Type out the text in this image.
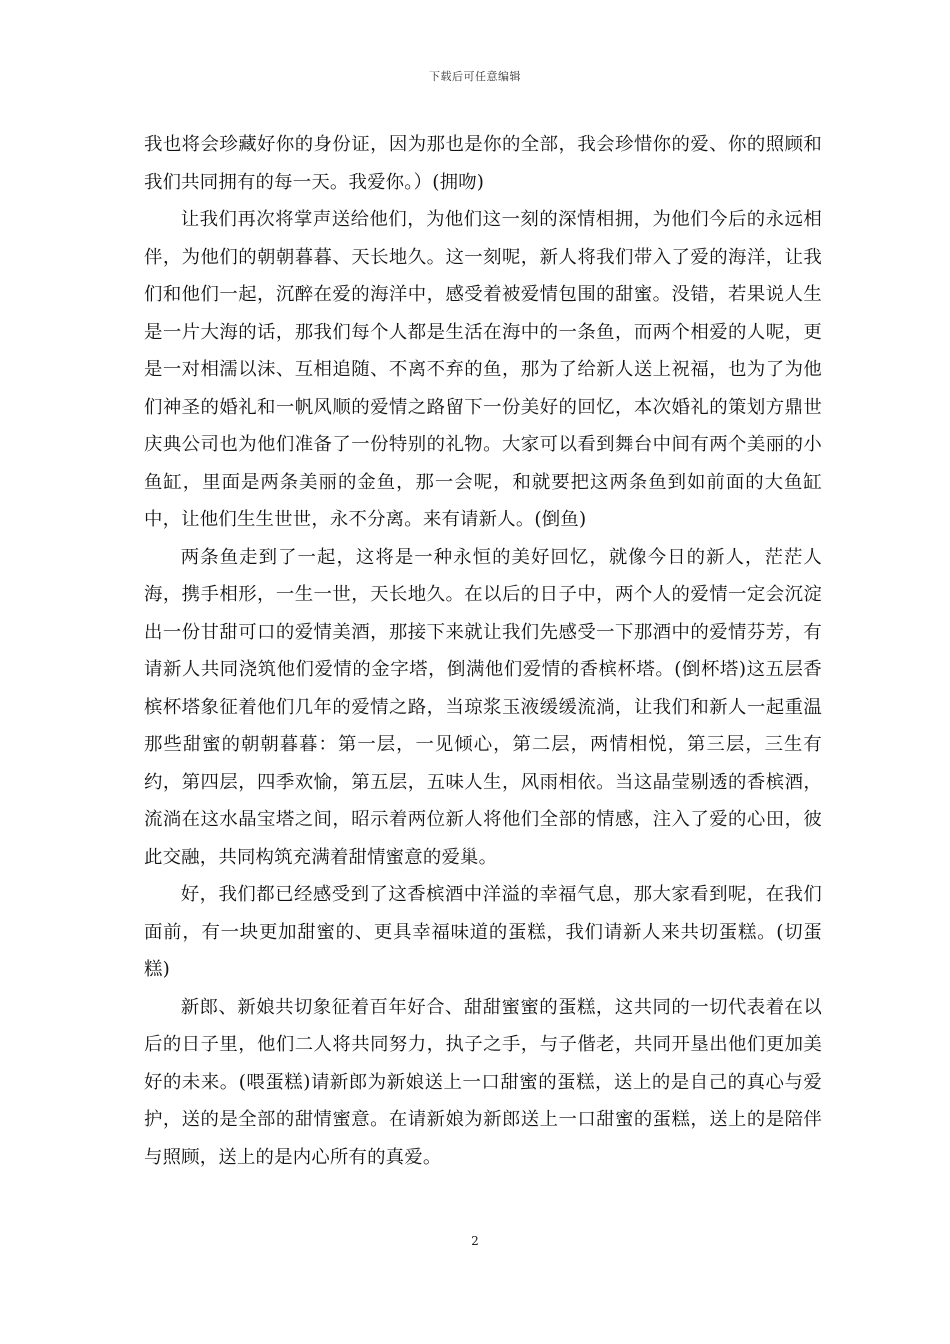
下载后可任意编辑

我也将会珍藏好你的身份证，因为那也是你的全部，我会珍惜你的爱、你的照顾和我们共同拥有的每一天。我爱你。）(拥吻)

让我们再次将掌声送给他们，为他们这一刻的深情相拥，为他们今后的永远相伴，为他们的朝朝暮暮、天长地久。这一刻呢，新人将我们带入了爱的海洋，让我们和他们一起，沉醉在爱的海洋中，感受着被爱情包围的甜蜜。没错，若果说人生是一片大海的话，那我们每个人都是生活在海中的一条鱼，而两个相爱的人呢，更是一对相濡以沫、互相追随、不离不弃的鱼，那为了给新人送上祝福，也为了为他们神圣的婚礼和一帆风顺的爱情之路留下一份美好的回忆，本次婚礼的策划方鼎世庆典公司也为他们准备了一份特别的礼物。大家可以看到舞台中间有两个美丽的小鱼缸，里面是两条美丽的金鱼，那一会呢，和就要把这两条鱼到如前面的大鱼缸中，让他们生生世世，永不分离。来有请新人。(倒鱼)

两条鱼走到了一起，这将是一种永恒的美好回忆，就像今日的新人，茫茫人海，携手相形，一生一世，天长地久。在以后的日子中，两个人的爱情一定会沉淀出一份甘甜可口的爱情美酒，那接下来就让我们先感受一下那酒中的爱情芬芳，有请新人共同浇筑他们爱情的金字塔，倒满他们爱情的香槟杯塔。(倒杯塔)这五层香槟杯塔象征着他们几年的爱情之路，当琼浆玉液缓缓流淌，让我们和新人一起重温那些甜蜜的朝朝暮暮：第一层，一见倾心，第二层，两情相悦，第三层，三生有约，第四层，四季欢愉，第五层，五味人生，风雨相依。当这晶莹剔透的香槟酒，流淌在这水晶宝塔之间，昭示着两位新人将他们全部的情感，注入了爱的心田，彼此交融，共同构筑充满着甜情蜜意的爱巢。

好，我们都已经感受到了这香槟酒中洋溢的幸福气息，那大家看到呢，在我们面前，有一块更加甜蜜的、更具幸福味道的蛋糕，我们请新人来共切蛋糕。(切蛋糕)

新郎、新娘共切象征着百年好合、甜甜蜜蜜的蛋糕，这共同的一切代表着在以后的日子里，他们二人将共同努力，执子之手，与子偕老，共同开垦出他们更加美好的未来。(喂蛋糕)请新郎为新娘送上一口甜蜜的蛋糕，送上的是自己的真心与爱护，送的是全部的甜情蜜意。在请新娘为新郎送上一口甜蜜的蛋糕，送上的是陪伴与照顾，送上的是内心所有的真爱。

2
